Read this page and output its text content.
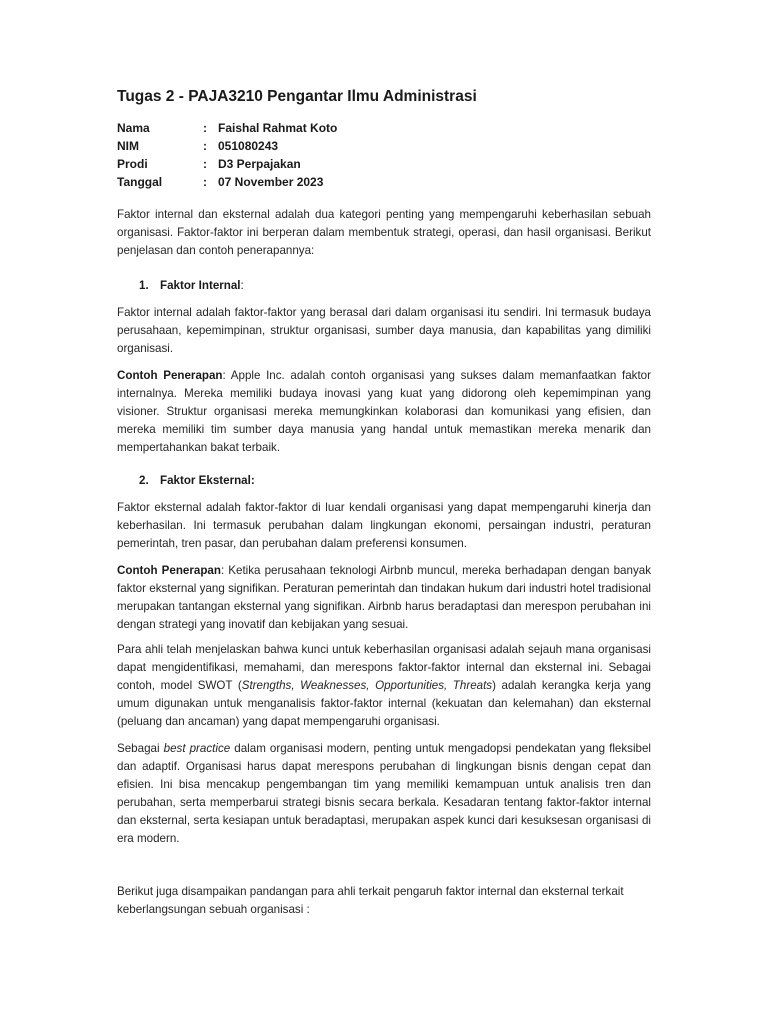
Tugas 2 - PAJA3210 Pengantar Ilmu Administrasi
Nama	: Faishal Rahmat Koto
NIM	: 051080243
Prodi	: D3 Perpajakan
Tanggal	: 07 November 2023

Faktor internal dan eksternal adalah dua kategori penting yang mempengaruhi keberhasilan sebuah organisasi. Faktor-faktor ini berperan dalam membentuk strategi, operasi, dan hasil organisasi. Berikut penjelasan dan contoh penerapannya:

1. Faktor Internal:

Faktor internal adalah faktor-faktor yang berasal dari dalam organisasi itu sendiri. Ini termasuk budaya perusahaan, kepemimpinan, struktur organisasi, sumber daya manusia, dan kapabilitas yang dimiliki organisasi.

Contoh Penerapan: Apple Inc. adalah contoh organisasi yang sukses dalam memanfaatkan faktor internalnya. Mereka memiliki budaya inovasi yang kuat yang didorong oleh kepemimpinan yang visioner. Struktur organisasi mereka memungkinkan kolaborasi dan komunikasi yang efisien, dan mereka memiliki tim sumber daya manusia yang handal untuk memastikan mereka menarik dan mempertahankan bakat terbaik.

2. Faktor Eksternal:

Faktor eksternal adalah faktor-faktor di luar kendali organisasi yang dapat mempengaruhi kinerja dan keberhasilan. Ini termasuk perubahan dalam lingkungan ekonomi, persaingan industri, peraturan pemerintah, tren pasar, dan perubahan dalam preferensi konsumen.

Contoh Penerapan: Ketika perusahaan teknologi Airbnb muncul, mereka berhadapan dengan banyak faktor eksternal yang signifikan. Peraturan pemerintah dan tindakan hukum dari industri hotel tradisional merupakan tantangan eksternal yang signifikan. Airbnb harus beradaptasi dan merespon perubahan ini dengan strategi yang inovatif dan kebijakan yang sesuai.

Para ahli telah menjelaskan bahwa kunci untuk keberhasilan organisasi adalah sejauh mana organisasi dapat mengidentifikasi, memahami, dan merespons faktor-faktor internal dan eksternal ini. Sebagai contoh, model SWOT (Strengths, Weaknesses, Opportunities, Threats) adalah kerangka kerja yang umum digunakan untuk menganalisis faktor-faktor internal (kekuatan dan kelemahan) dan eksternal (peluang dan ancaman) yang dapat mempengaruhi organisasi.

Sebagai best practice dalam organisasi modern, penting untuk mengadopsi pendekatan yang fleksibel dan adaptif. Organisasi harus dapat merespons perubahan di lingkungan bisnis dengan cepat dan efisien. Ini bisa mencakup pengembangan tim yang memiliki kemampuan untuk analisis tren dan perubahan, serta memperbarui strategi bisnis secara berkala. Kesadaran tentang faktor-faktor internal dan eksternal, serta kesiapan untuk beradaptasi, merupakan aspek kunci dari kesuksesan organisasi di era modern.

Berikut juga disampaikan pandangan para ahli terkait pengaruh faktor internal dan eksternal terkait keberlangsungan sebuah organisasi :
